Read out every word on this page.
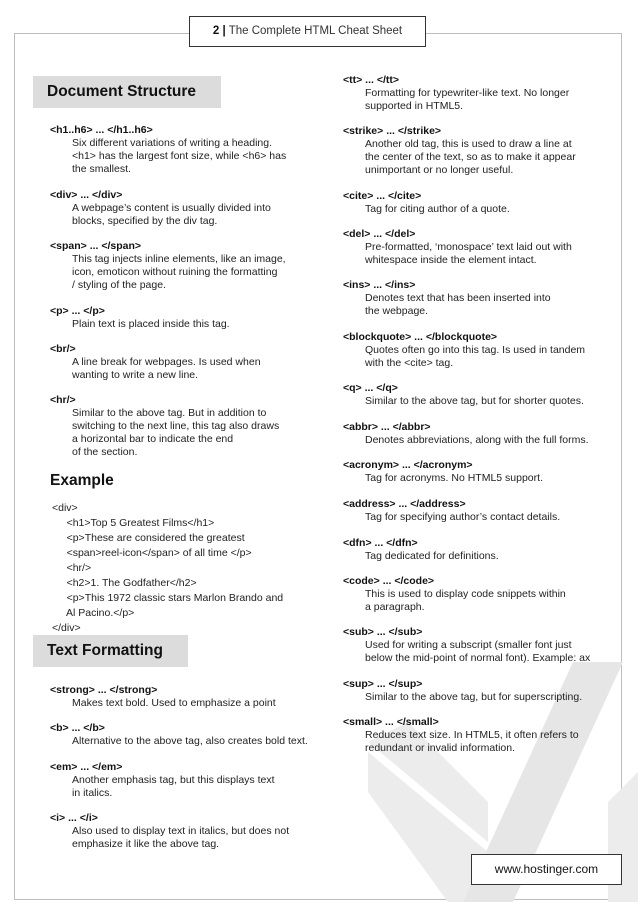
2 | The Complete HTML Cheat Sheet
Document Structure
<h1..h6> ... </h1..h6>
Six different variations of writing a heading.
<h1> has the largest font size, while <h6> has
the smallest.
<div> ... </div>
A webpage’s content is usually divided into
blocks, specified by the div tag.
<span> ... </span>
This tag injects inline elements, like an image,
icon, emoticon without ruining the formatting
/ styling of the page.
<p> ... </p>
Plain text is placed inside this tag.
<br/>
A line break for webpages. Is used when
wanting to write a new line.
<hr/>
Similar to the above tag. But in addition to
switching to the next line, this tag also draws
a horizontal bar to indicate the end
of the section.
Example
<div>
<h1>Top 5 Greatest Films</h1>
<p>These are considered the greatest
<span>reel-icon</span> of all time </p>
<hr/>
<h2>1. The Godfather</h2>
<p>This 1972 classic stars Marlon Brando and
Al Pacino.</p>
</div>
Text Formatting
<strong> ... </strong>
Makes text bold. Used to emphasize a point
<b> ... </b>
Alternative to the above tag, also creates bold text.
<em> ... </em>
Another emphasis tag, but this displays text
in italics.
<i> ... </i>
Also used to display text in italics, but does not
emphasize it like the above tag.
<tt> ... </tt>
Formatting for typewriter-like text. No longer
supported in HTML5.
<strike> ... </strike>
Another old tag, this is used to draw a line at
the center of the text, so as to make it appear
unimportant or no longer useful.
<cite> ... </cite>
Tag for citing author of a quote.
<del> ... </del>
Pre-formatted, ‘monospace’ text laid out with
whitespace inside the element intact.
<ins> ... </ins>
Denotes text that has been inserted into
the webpage.
<blockquote> ... </blockquote>
Quotes often go into this tag. Is used in tandem
with the <cite> tag.
<q> ... </q>
Similar to the above tag, but for shorter quotes.
<abbr> ... </abbr>
Denotes abbreviations, along with the full forms.
<acronym> ... </acronym>
Tag for acronyms. No HTML5 support.
<address> ... </address>
Tag for specifying author’s contact details.
<dfn> ... </dfn>
Tag dedicated for definitions.
<code> ... </code>
This is used to display code snippets within
a paragraph.
<sub> ... </sub>
Used for writing a subscript (smaller font just
below the mid-point of normal font). Example: ax
<sup> ... </sup>
Similar to the above tag, but for superscripting.
<small> ... </small>
Reduces text size. In HTML5, it often refers to
redundant or invalid information.
www.hostinger.com
